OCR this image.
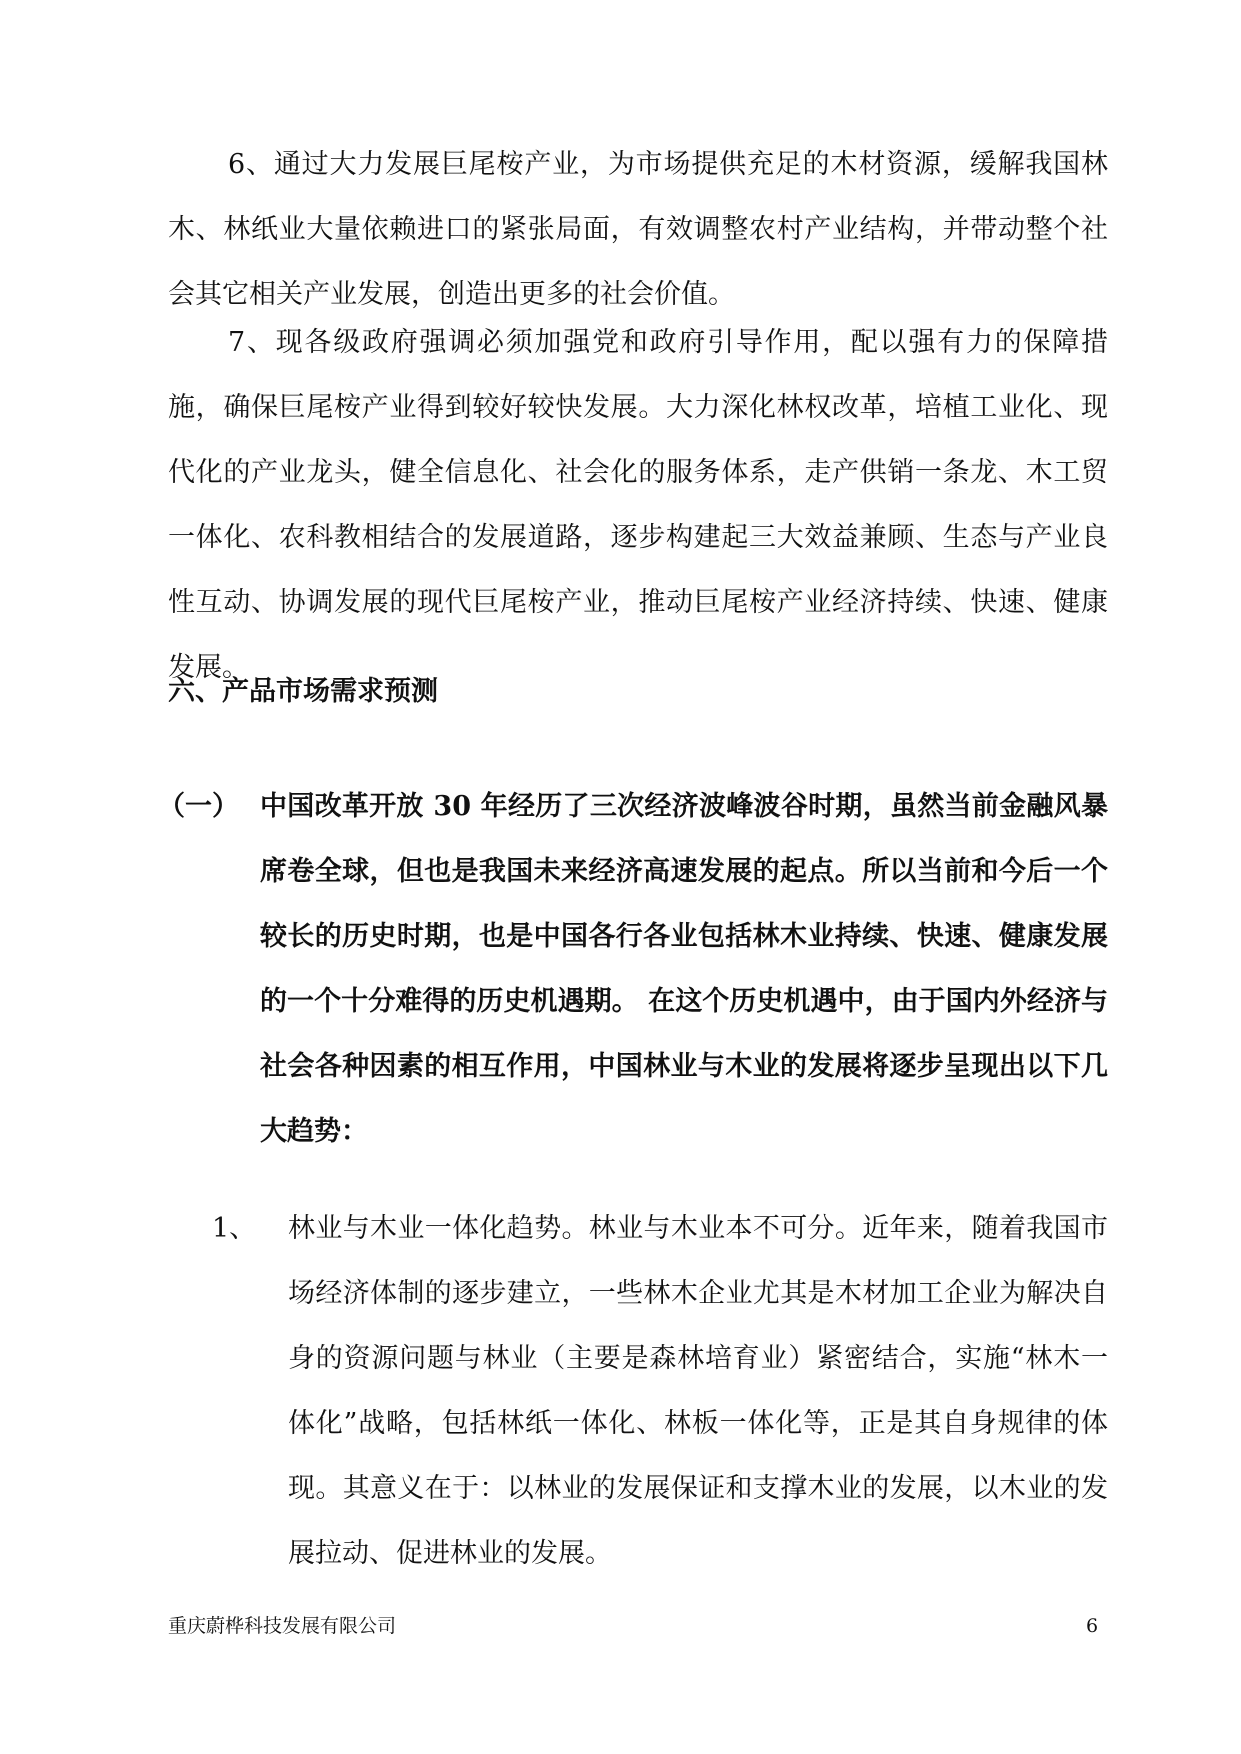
6、通过大力发展巨尾桉产业，为市场提供充足的木材资源，缓解我国林木、林纸业大量依赖进口的紧张局面，有效调整农村产业结构，并带动整个社会其它相关产业发展，创造出更多的社会价值。

7、现各级政府强调必须加强党和政府引导作用，配以强有力的保障措施，确保巨尾桉产业得到较好较快发展。大力深化林权改革，培植工业化、现代化的产业龙头，健全信息化、社会化的服务体系，走产供销一条龙、木工贸一体化、农科教相结合的发展道路，逐步构建起三大效益兼顾、生态与产业良性互动、协调发展的现代巨尾桉产业，推动巨尾桉产业经济持续、快速、健康发展。

六、产品市场需求预测
（一） 中国改革开放 30 年经历了三次经济波峰波谷时期，虽然当前金融风暴席卷全球，但也是我国未来经济高速发展的起点。所以当前和今后一个较长的历史时期，也是中国各行各业包括林木业持续、快速、健康发展的一个十分难得的历史机遇期。 在这个历史机遇中，由于国内外经济与社会各种因素的相互作用，中国林业与木业的发展将逐步呈现出以下几大趋势：

1、 林业与木业一体化趋势。林业与木业本不可分。近年来，随着我国市场经济体制的逐步建立，一些林木企业尤其是木材加工企业为解决自身的资源问题与林业（主要是森林培育业）紧密结合，实施“林木一体化”战略，包括林纸一体化、林板一体化等，正是其自身规律的体现。其意义在于：以林业的发展保证和支撑木业的发展，以木业的发展拉动、促进林业的发展。

重庆蔚桦科技发展有限公司	6
